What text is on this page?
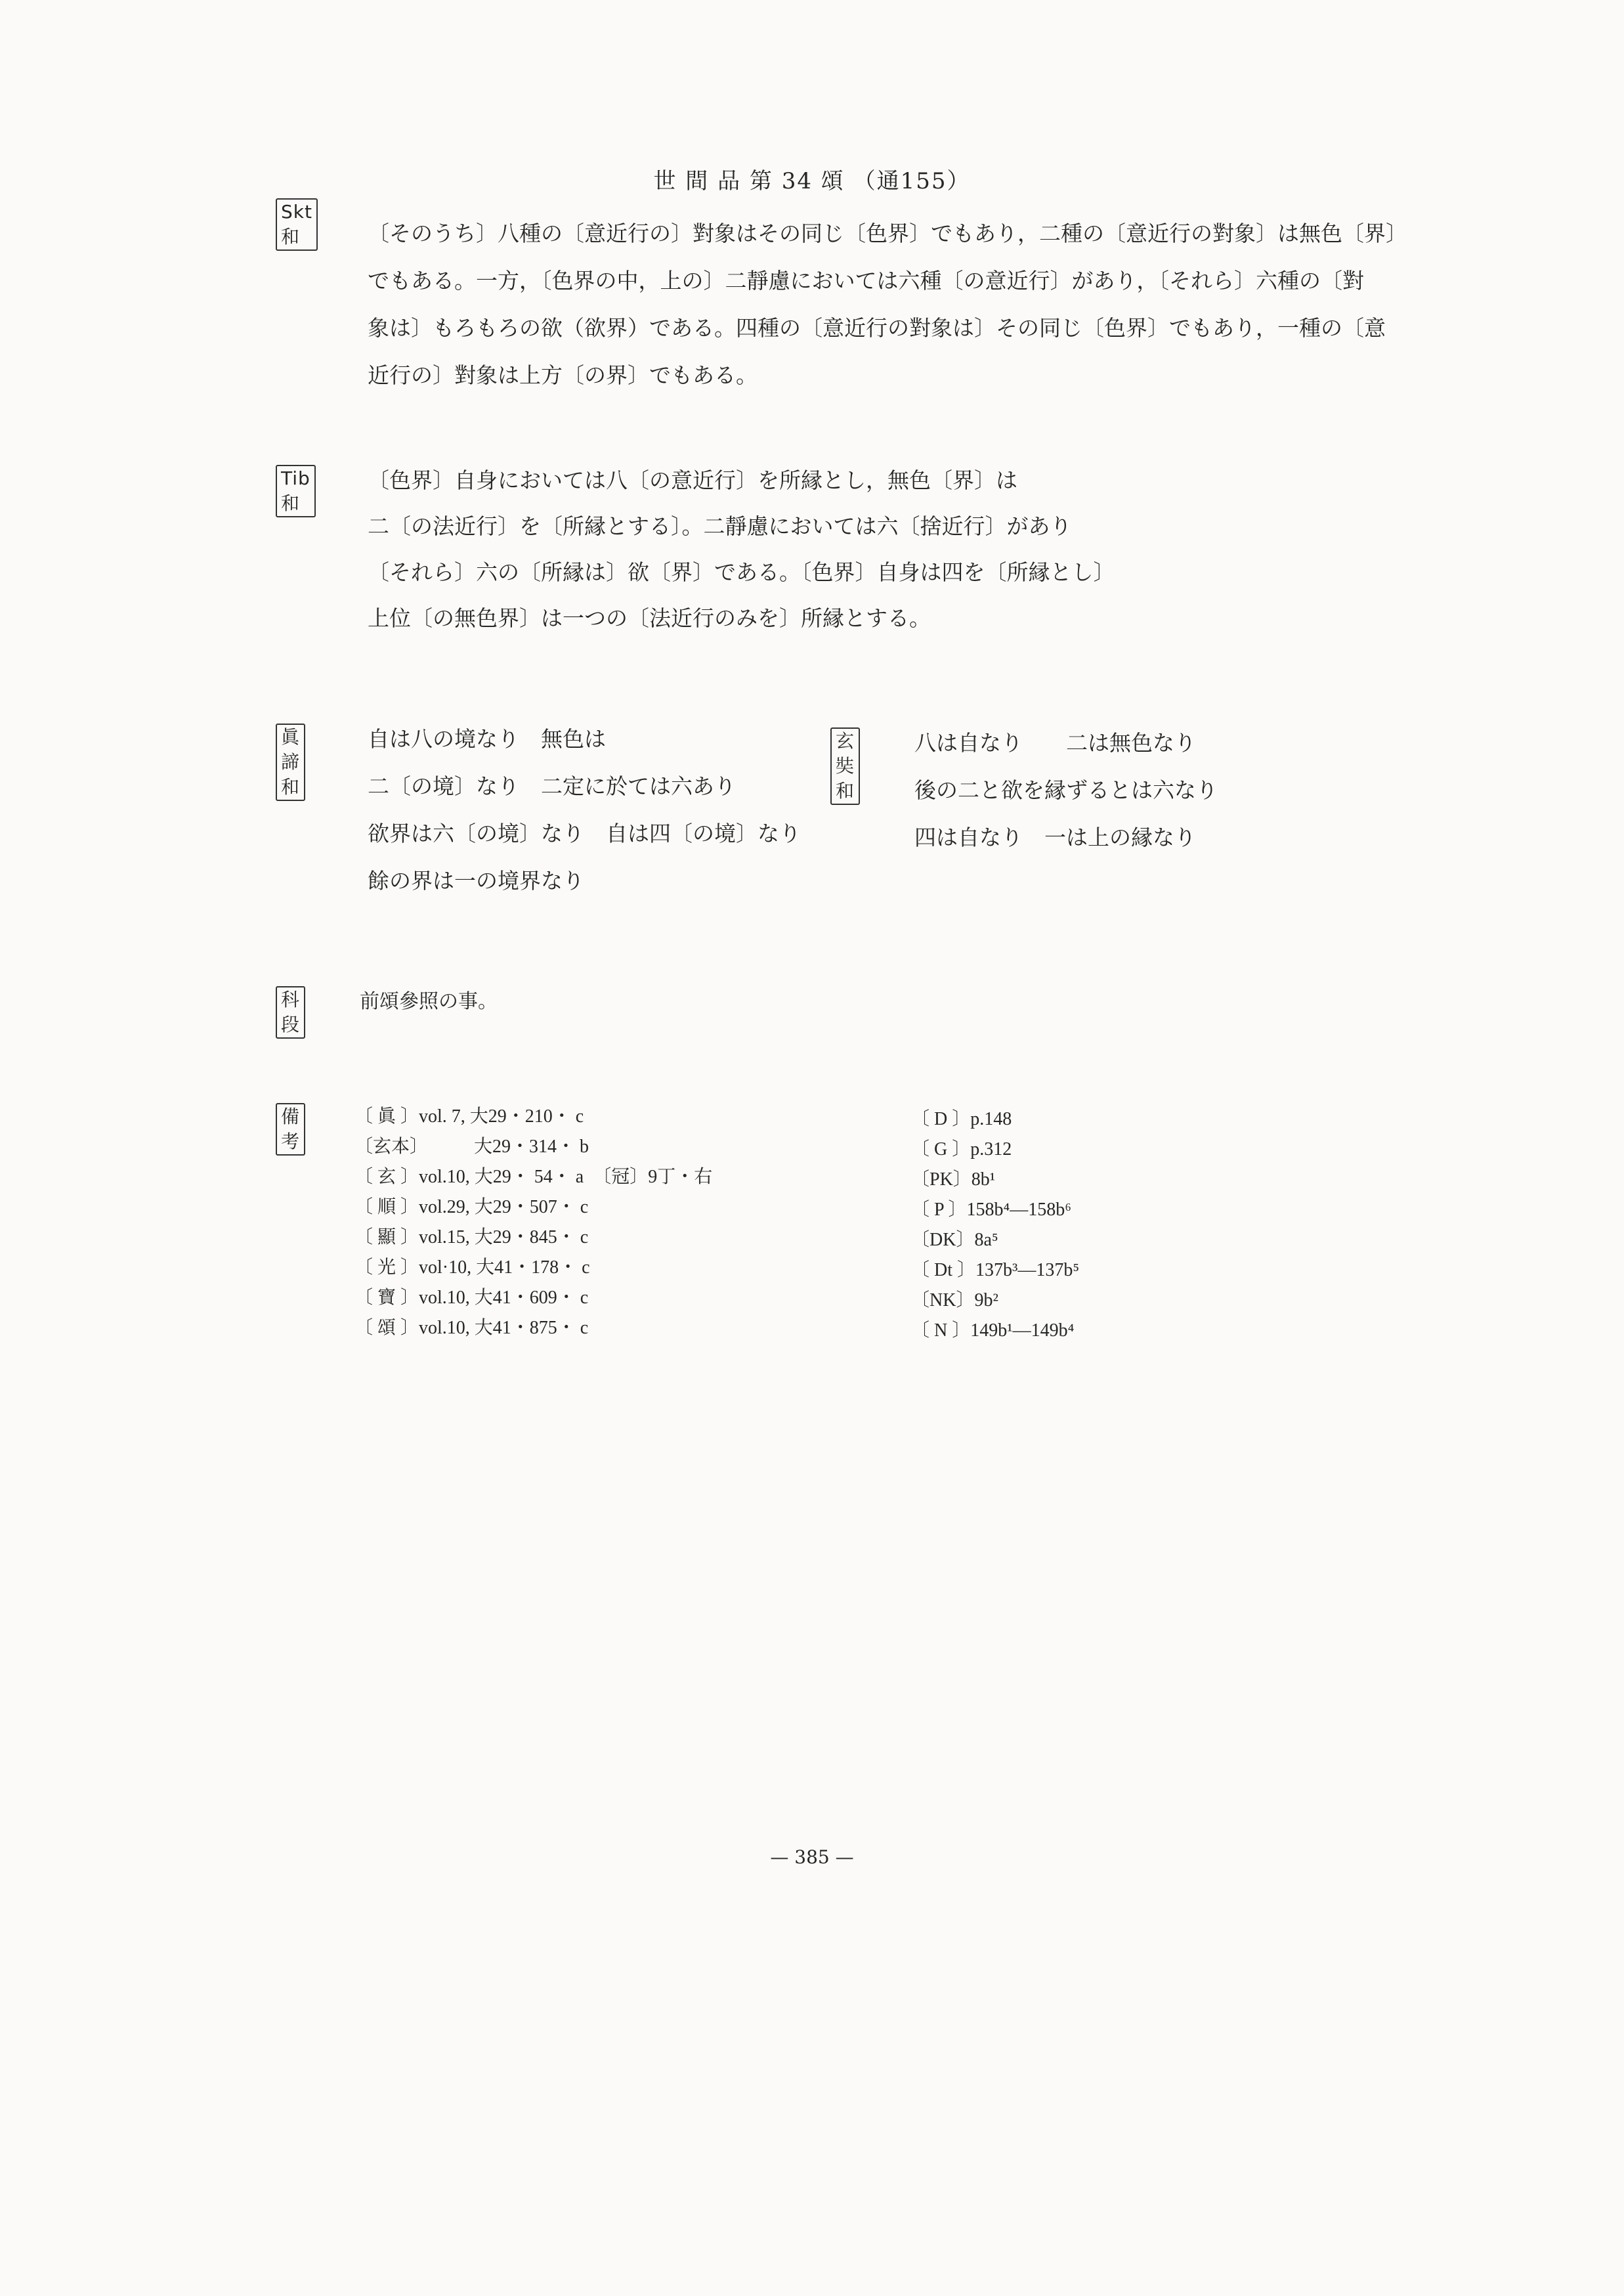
世 間 品 第 34 頌 （通155）
Skt和	〔そのうち〕八種の〔意近行の〕對象はその同じ〔色界〕でもあり，二種の〔意近行の對象〕は無色〔界〕
でもある。一方，〔色界の中，上の〕二靜慮においては六種〔の意近行〕があり，〔それら〕六種の〔對
象は〕もろもろの欲（欲界）である。四種の〔意近行の對象は〕その同じ〔色界〕でもあり，一種の〔意
近行の〕對象は上方〔の界〕でもある。
Tib和
〔色界〕自身においては八〔の意近行〕を所縁とし，無色〔界〕は
二〔の法近行〕を〔所縁とする〕。二靜慮においては六〔捨近行〕があり
〔それら〕六の〔所縁は〕欲〔界〕である。〔色界〕自身は四を〔所縁とし〕
上位〔の無色界〕は一つの〔法近行のみを〕所縁とする。
眞諦和
自は八の境なり　無色は
二〔の境〕なり　二定に於ては六あり
欲界は六〔の境〕なり　自は四〔の境〕なり
餘の界は一の境界なり
玄奘和
八は自なり　　二は無色なり
後の二と欲を縁ずるとは六なり
四は自なり　一は上の縁なり
科 段
前頌參照の事。
備 考
〔 眞 〕vol. 7, 大29・210・ c
〔玄本〕　　　大29・314・ b
〔 玄 〕vol.10, 大29・ 54・ a　〔冠〕9丁・右
〔 順 〕vol.29, 大29・507・ c
〔 顯 〕vol.15, 大29・845・ c
〔 光 〕vol·10, 大41・178・ c
〔 寶 〕vol.10, 大41・609・ c
〔 頌 〕vol.10, 大41・875・ c
〔 D 〕p.148
〔 G 〕p.312
〔PK〕8b¹
〔 P 〕158b⁴—158b⁶
〔DK〕8a⁵
〔 Dt 〕137b³—137b⁵
〔NK〕9b²
〔 N 〕149b¹—149b⁴
— 385 —
